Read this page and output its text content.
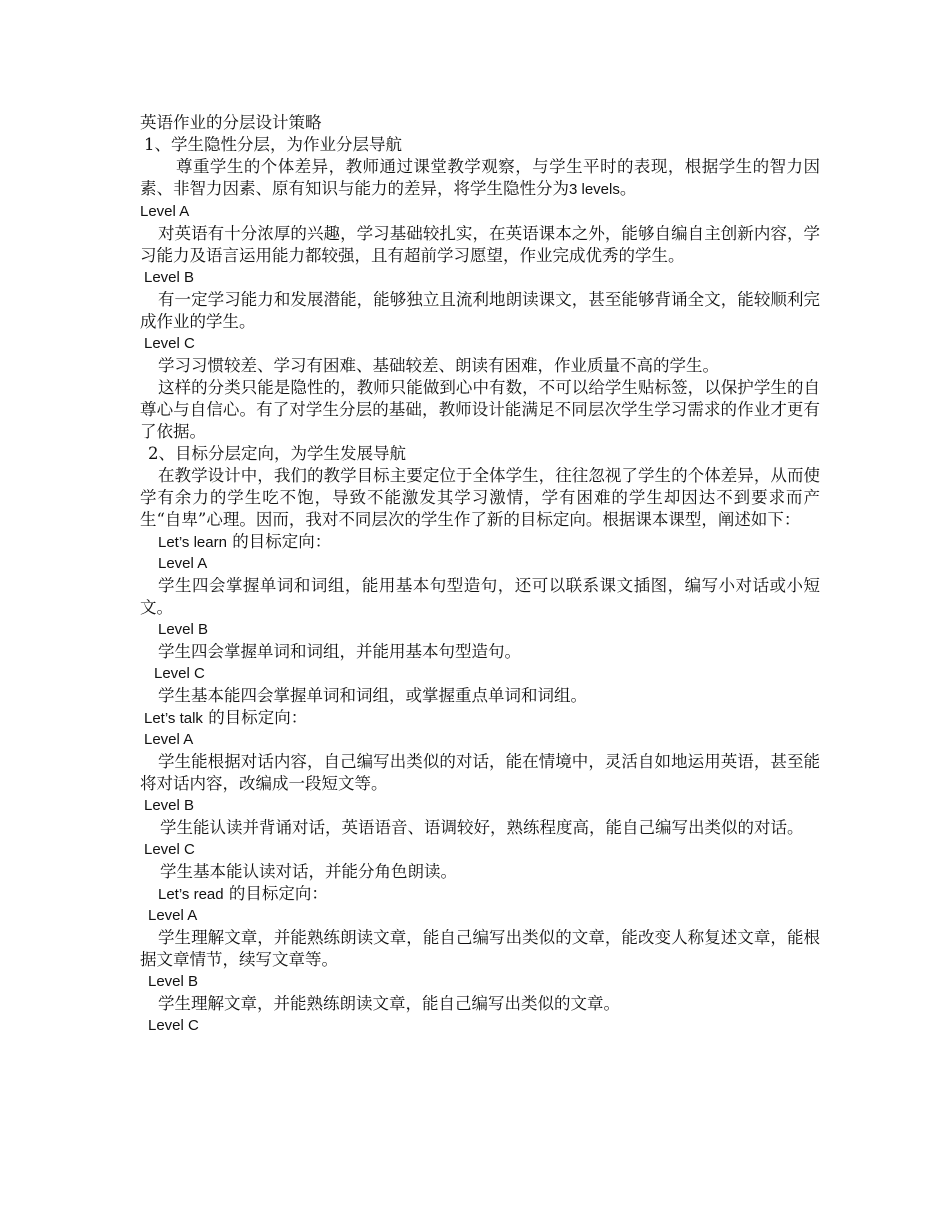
英语作业的分层设计策略
1、学生隐性分层，为作业分层导航
尊重学生的个体差异，教师通过课堂教学观察，与学生平时的表现，根据学生的智力因素、非智力因素、原有知识与能力的差异，将学生隐性分为3 levels。
Level A
对英语有十分浓厚的兴趣，学习基础较扎实，在英语课本之外，能够自编自主创新内容，学习能力及语言运用能力都较强，且有超前学习愿望，作业完成优秀的学生。
Level B
有一定学习能力和发展潜能，能够独立且流利地朗读课文，甚至能够背诵全文，能较顺利完成作业的学生。
Level C
学习习惯较差、学习有困难、基础较差、朗读有困难，作业质量不高的学生。
这样的分类只能是隐性的，教师只能做到心中有数，不可以给学生贴标签，以保护学生的自尊心与自信心。有了对学生分层的基础，教师设计能满足不同层次学生学习需求的作业才更有了依据。
2、目标分层定向，为学生发展导航
在教学设计中，我们的教学目标主要定位于全体学生，往往忽视了学生的个体差异，从而使学有余力的学生吃不饱，导致不能激发其学习激情，学有困难的学生却因达不到要求而产生“自卑”心理。因而，我对不同层次的学生作了新的目标定向。根据课本课型，阐述如下：
Let’s learn 的目标定向：
Level A
学生四会掌握单词和词组，能用基本句型造句，还可以联系课文插图，编写小对话或小短文。
Level B
学生四会掌握单词和词组，并能用基本句型造句。
Level C
学生基本能四会掌握单词和词组，或掌握重点单词和词组。
Let’s talk 的目标定向：
Level A
学生能根据对话内容，自己编写出类似的对话，能在情境中，灵活自如地运用英语，甚至能将对话内容，改编成一段短文等。
Level B
学生能认读并背诵对话，英语语音、语调较好，熟练程度高，能自己编写出类似的对话。
Level C
学生基本能认读对话，并能分角色朗读。
Let’s read 的目标定向：
Level A
学生理解文章，并能熟练朗读文章，能自己编写出类似的文章，能改变人称复述文章，能根据文章情节，续写文章等。
Level B
学生理解文章，并能熟练朗读文章，能自己编写出类似的文章。
Level C
